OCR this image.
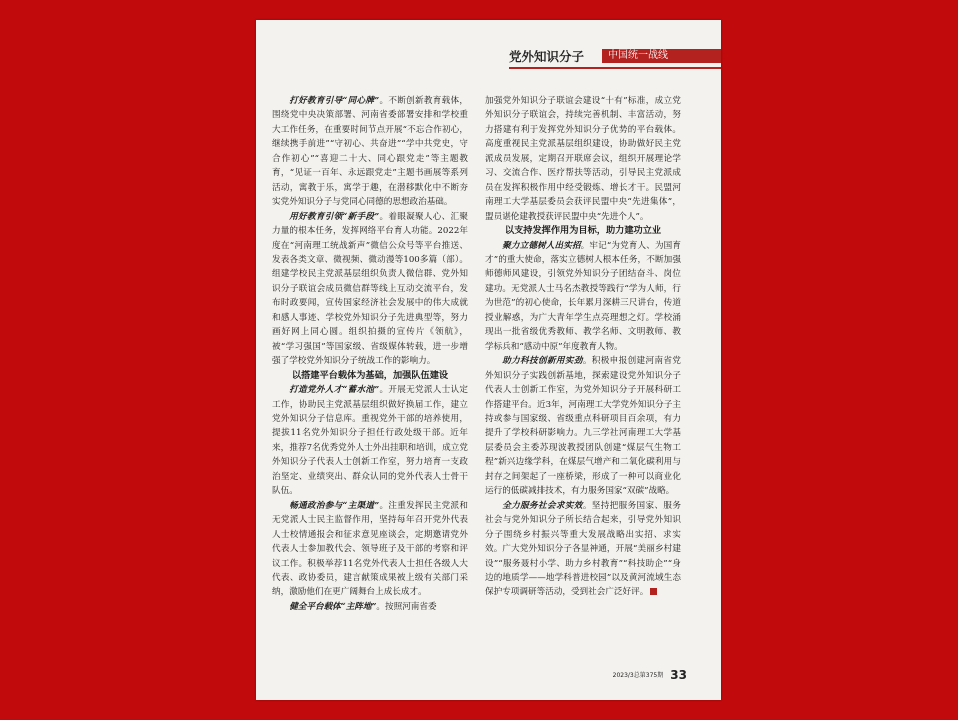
党外知识分子	中国统一战线

打好教育引导“同心牌”。不断创新教育载体，围绕党中央决策部署、河南省委部署安排和学校重大工作任务，在重要时间节点开展“不忘合作初心，继续携手前进”“守初心、共奋进”“学中共党史，守合作初心”“喜迎二十大、同心跟党走”等主题教育，“见证一百年、永远跟党走”主题书画展等系列活动，寓教于乐，寓学于趣，在潜移默化中不断夯实党外知识分子与党同心同德的思想政治基础。

用好教育引领“新手段”。着眼凝聚人心、汇聚力量的根本任务，发挥网络平台育人功能。2022年度在“河南理工统战新声”微信公众号等平台推送、发表各类文章、微视频、微动漫等100多篇（部）。组建学校民主党派基层组织负责人微信群、党外知识分子联谊会成员微信群等线上互动交流平台，发布时政要闻，宣传国家经济社会发展中的伟大成就和感人事迹、学校党外知识分子先进典型等，努力画好网上同心圆。组织拍摄的宣传片《领航》，被“学习强国”等国家级、省级媒体转载，进一步增强了学校党外知识分子统战工作的影响力。

以搭建平台载体为基础，加强队伍建设

打造党外人才“蓄水池”。开展无党派人士认定工作，协助民主党派基层组织做好换届工作，建立党外知识分子信息库。重视党外干部的培养使用，提拔11名党外知识分子担任行政处级干部。近年来，推荐7名优秀党外人士外出挂职和培训，成立党外知识分子代表人士创新工作室，努力培育一支政治坚定、业绩突出、群众认同的党外代表人士骨干队伍。

畅通政治参与“主渠道”。注重发挥民主党派和无党派人士民主监督作用，坚持每年召开党外代表人士校情通报会和征求意见座谈会，定期邀请党外代表人士参加教代会、领导班子及干部的考察和评议工作。积极举荐11名党外代表人士担任各级人大代表、政协委员，建言献策成果被上级有关部门采纳，激励他们在更广阔舞台上成长成才。

健全平台载体“主阵地”。按照河南省委

加强党外知识分子联谊会建设“十有”标准，成立党外知识分子联谊会，持续完善机制、丰富活动，努力搭建有利于发挥党外知识分子优势的平台载体。高度重视民主党派基层组织建设，协助做好民主党派成员发展，定期召开联席会议，组织开展理论学习、交流合作、医疗帮扶等活动，引导民主党派成员在发挥积极作用中经受锻炼、增长才干。民盟河南理工大学基层委员会获评民盟中央“先进集体”，盟员谌伦建教授获评民盟中央“先进个人”。

以支持发挥作用为目标，助力建功立业

聚力立德树人出实招。牢记“为党育人、为国育才”的重大使命，落实立德树人根本任务，不断加强师德师风建设，引领党外知识分子团结奋斗、岗位建功。无党派人士马名杰教授等践行“学为人师，行为世范”的初心使命，长年累月深耕三尺讲台，传道授业解惑，为广大青年学生点亮理想之灯。学校涌现出一批省级优秀教师、教学名师、文明教师、教学标兵和“感动中原”年度教育人物。

助力科技创新用实劲。积极申报创建河南省党外知识分子实践创新基地，探索建设党外知识分子代表人士创新工作室，为党外知识分子开展科研工作搭建平台。近3年，河南理工大学党外知识分子主持或参与国家级、省级重点科研项目百余项，有力提升了学校科研影响力。九三学社河南理工大学基层委员会主委苏现波教授团队创建“煤层气生物工程”新兴边缘学科，在煤层气增产和二氧化碳利用与封存之间架起了一座桥梁，形成了一种可以商业化运行的低碳减排技术，有力服务国家“双碳”战略。

全力服务社会求实效。坚持把服务国家、服务社会与党外知识分子所长结合起来，引导党外知识分子围绕乡村振兴等重大发展战略出实招、求实效。广大党外知识分子各显神通，开展“美丽乡村建设”“服务聂村小学、助力乡村教育”“科技助企”“身边的地质学——地学科普进校园”以及黄河流域生态保护专项调研等活动，受到社会广泛好评。

2023/3总第375期 33
